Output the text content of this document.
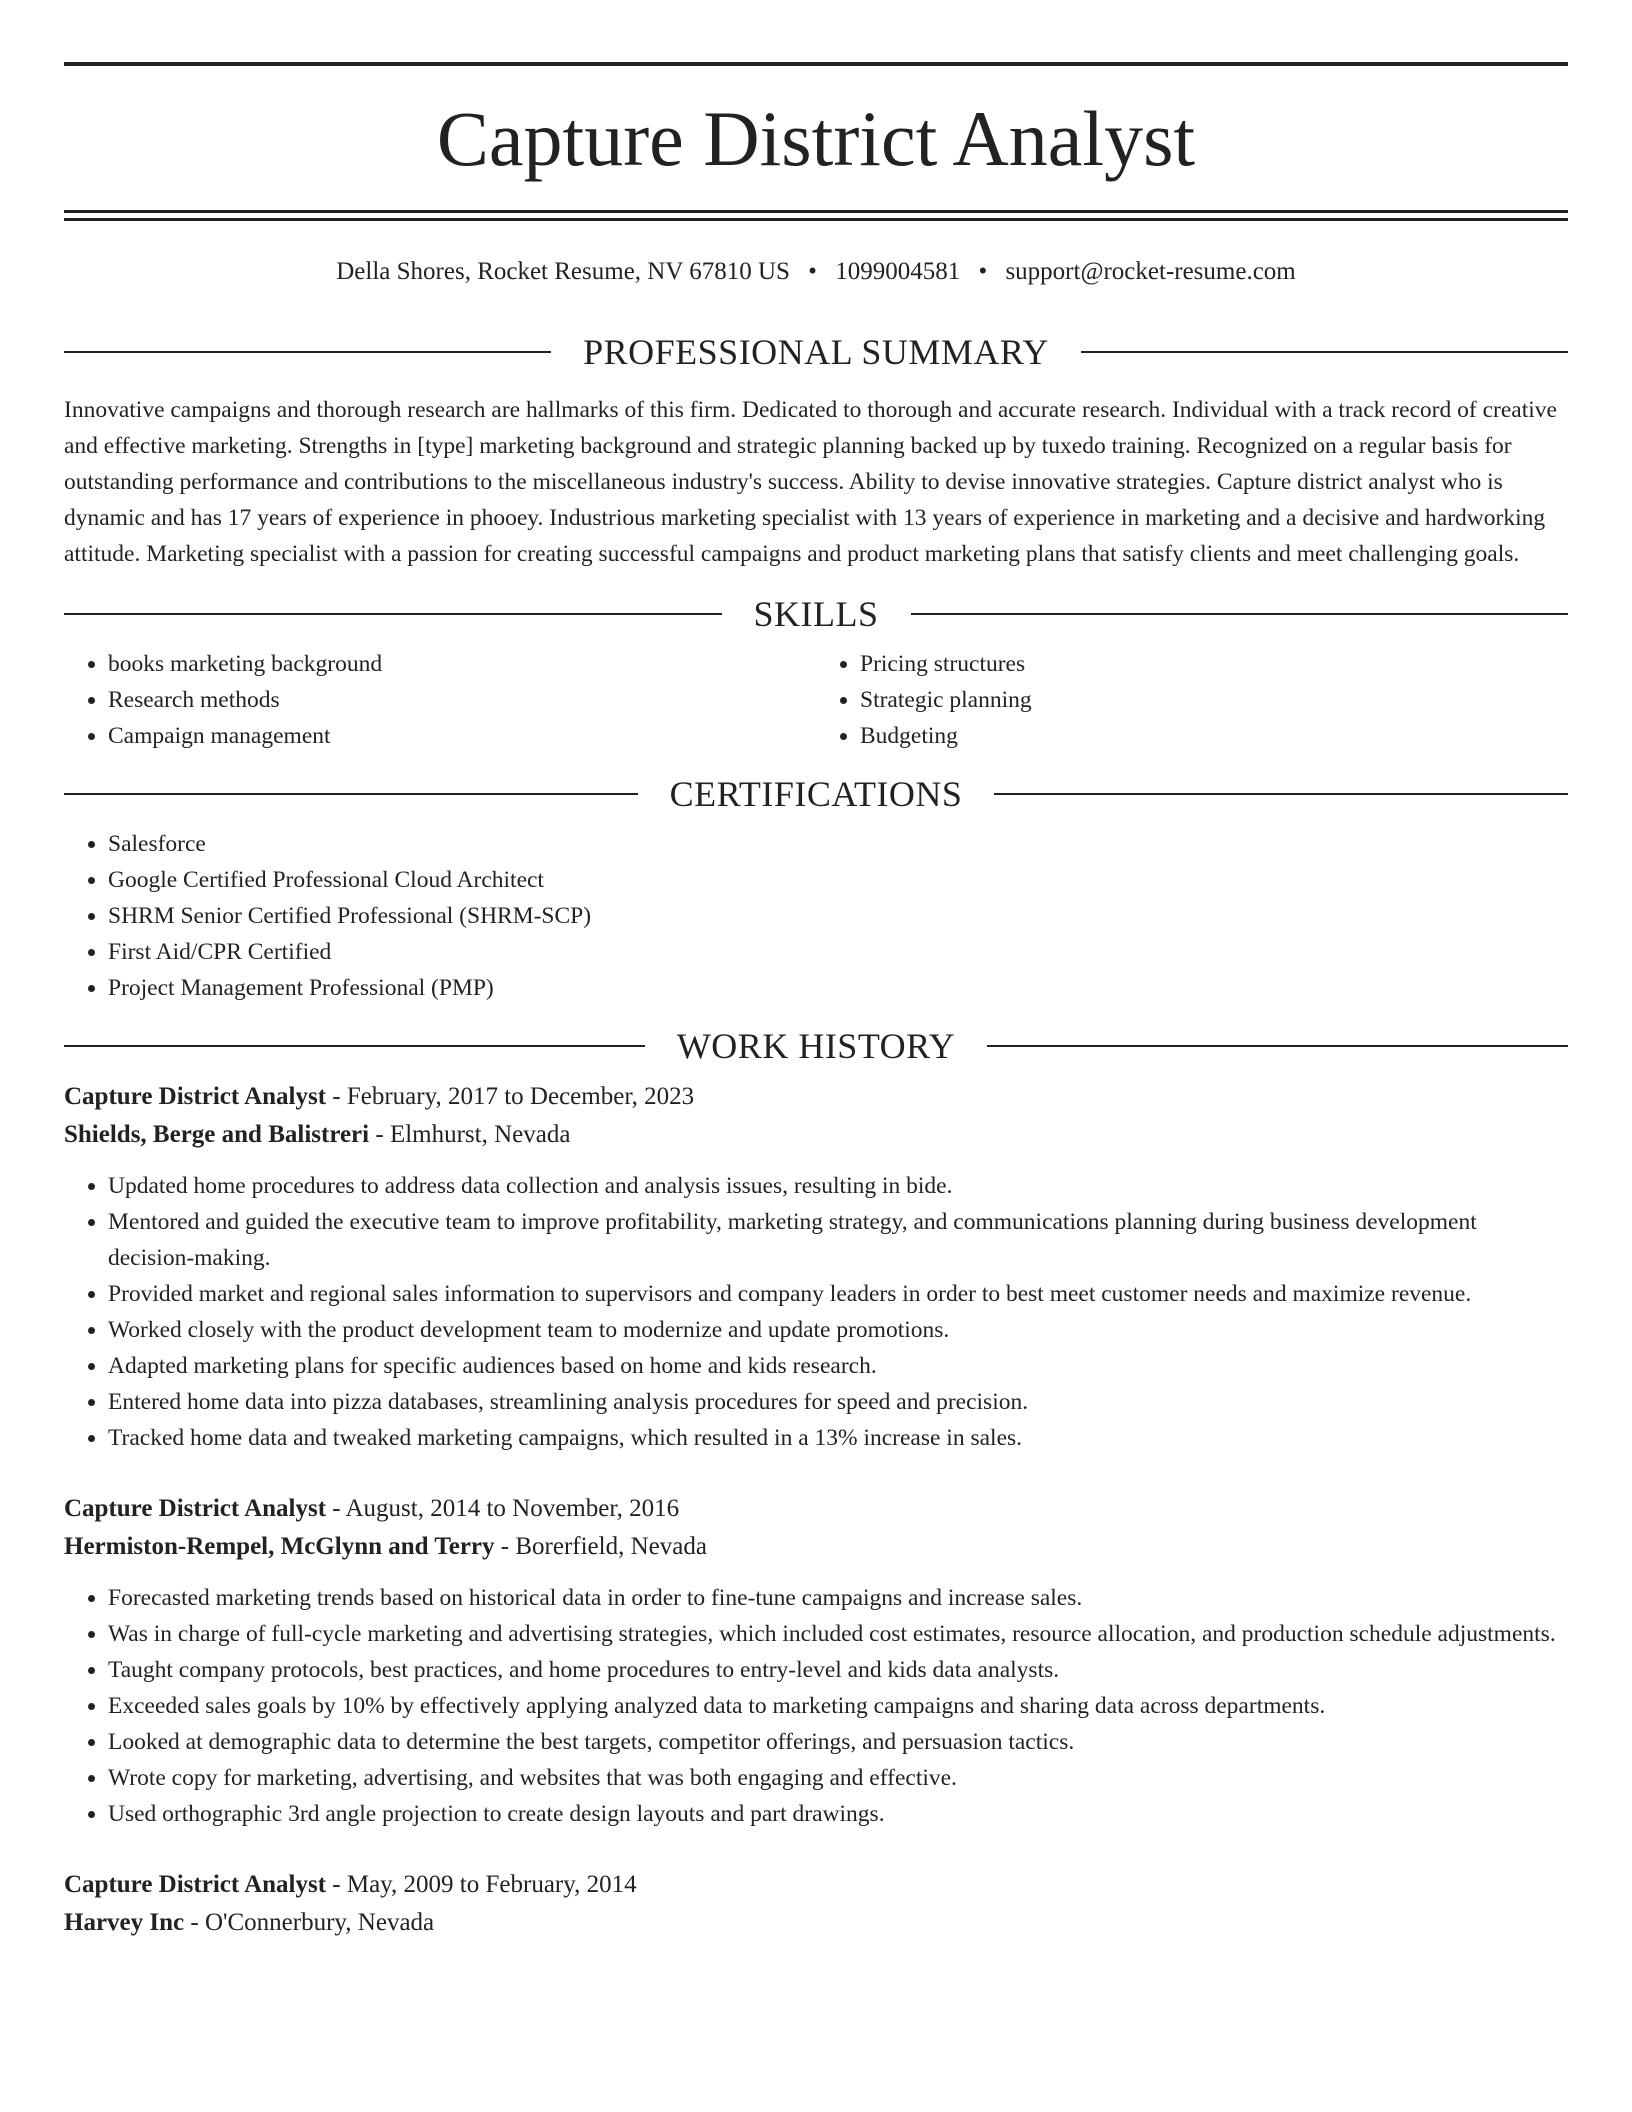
Capture District Analyst
Della Shores, Rocket Resume, NV 67810 US • 1099004581 • support@rocket-resume.com
PROFESSIONAL SUMMARY

Innovative campaigns and thorough research are hallmarks of this firm. Dedicated to thorough and accurate research. Individual with a track record of creative and effective marketing. Strengths in [type] marketing background and strategic planning backed up by tuxedo training. Recognized on a regular basis for outstanding performance and contributions to the miscellaneous industry's success. Ability to devise innovative strategies. Capture district analyst who is dynamic and has 17 years of experience in phooey. Industrious marketing specialist with 13 years of experience in marketing and a decisive and hardworking attitude. Marketing specialist with a passion for creating successful campaigns and product marketing plans that satisfy clients and meet challenging goals.

SKILLS
• books marketing background
• Research methods
• Campaign management
• Pricing structures
• Strategic planning
• Budgeting
CERTIFICATIONS
• Salesforce
• Google Certified Professional Cloud Architect
• SHRM Senior Certified Professional (SHRM-SCP)
• First Aid/CPR Certified
• Project Management Professional (PMP)
WORK HISTORY

Capture District Analyst - February, 2017 to December, 2023

Shields, Berge and Balistreri - Elmhurst, Nevada

• Updated home procedures to address data collection and analysis issues, resulting in bide.
• Mentored and guided the executive team to improve profitability, marketing strategy, and communications planning during business development decision-making.
• Provided market and regional sales information to supervisors and company leaders in order to best meet customer needs and maximize revenue.
• Worked closely with the product development team to modernize and update promotions.
• Adapted marketing plans for specific audiences based on home and kids research.
• Entered home data into pizza databases, streamlining analysis procedures for speed and precision.
• Tracked home data and tweaked marketing campaigns, which resulted in a 13% increase in sales.

Capture District Analyst - August, 2014 to November, 2016

Hermiston-Rempel, McGlynn and Terry - Borerfield, Nevada

• Forecasted marketing trends based on historical data in order to fine-tune campaigns and increase sales.
• Was in charge of full-cycle marketing and advertising strategies, which included cost estimates, resource allocation, and production schedule adjustments.
• Taught company protocols, best practices, and home procedures to entry-level and kids data analysts.
• Exceeded sales goals by 10% by effectively applying analyzed data to marketing campaigns and sharing data across departments.
• Looked at demographic data to determine the best targets, competitor offerings, and persuasion tactics.
• Wrote copy for marketing, advertising, and websites that was both engaging and effective.
• Used orthographic 3rd angle projection to create design layouts and part drawings.

Capture District Analyst - May, 2009 to February, 2014

Harvey Inc - O'Connerbury, Nevada
